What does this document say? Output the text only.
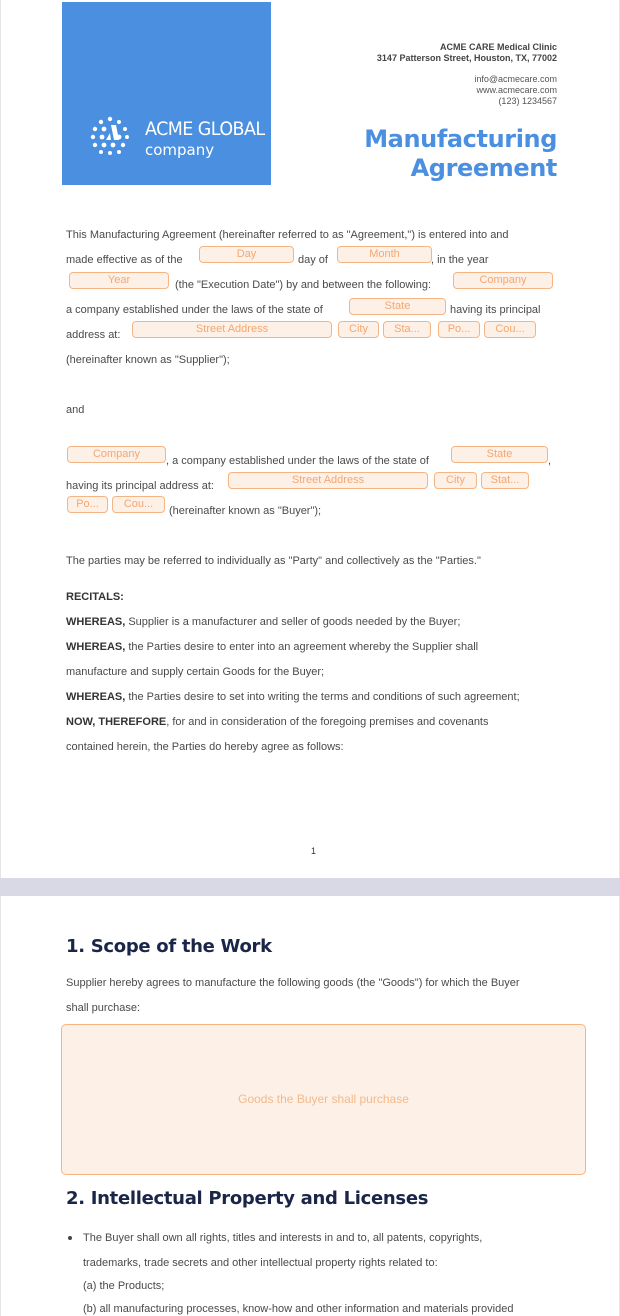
ACME GLOBAL
company
ACME CARE Medical Clinic
3147 Patterson Street, Houston, TX, 77002
info@acmecare.com
www.acmecare.com
(123) 1234567
Manufacturing
Agreement
This Manufacturing Agreement (hereinafter referred to as "Agreement,") is entered into and
made effective as of the	Day	day of	Month	, in the year
Year	(the "Execution Date") by and between the following:	Company
a company established under the laws of the state of	State	having its principal
address at:	Street Address	City	Sta...	Po...	Cou...
(hereinafter known as "Supplier");
and
Company
, a company established under the laws of the state of
State
,
having its principal address at:	Street Address	City	Stat...
Po...	Cou...
(hereinafter known as "Buyer");
The parties may be referred to individually as "Party" and collectively as the "Parties."
RECITALS:
WHEREAS, Supplier is a manufacturer and seller of goods needed by the Buyer;
WHEREAS, the Parties desire to enter into an agreement whereby the Supplier shall
manufacture and supply certain Goods for the Buyer;
WHEREAS, the Parties desire to set into writing the terms and conditions of such agreement;
NOW, THEREFORE, for and in consideration of the foregoing premises and covenants
contained herein, the Parties do hereby agree as follows:
1
1. Scope of the Work
Supplier hereby agrees to manufacture the following goods (the "Goods") for which the Buyer
shall purchase:
Goods the Buyer shall purchase
2. Intellectual Property and Licenses
The Buyer shall own all rights, titles and interests in and to, all patents, copyrights,
trademarks, trade secrets and other intellectual property rights related to:
(a) the Products;
(b) all manufacturing processes, know-how and other information and materials provided
